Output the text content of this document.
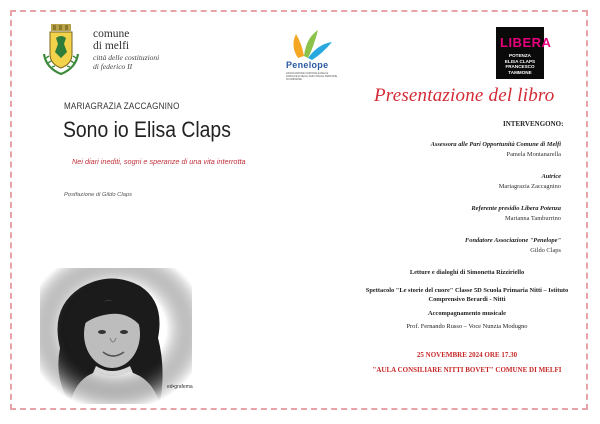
comune
di melfi
città delle costituzioni
di federico II	Penelope
ASSOCIAZIONE NAZIONALE DELLE FAMIGLIE E DEGLI AMICI DELLE PERSONE SCOMPARSE
LIBERA
POTENZA
ELISA CLAPS
FRANCESCO TAMMONE
MARIAGRAZIA ZACCAGNINO
Sono io Elisa Claps
Nei diari inediti, sogni e speranze di una vita interrotta
Postfazione di Gildo Claps
ed•grafema
Presentazione del libro
INTERVENGONO:
Assessora alle Pari Opportunità Comune di Melfi
Pamela Montanarella
Autrice
Mariagrazia Zaccagnino
Referente presidio Libera Potenza
Marianna Tamburrino
Fondatore Associazione "Penelope"
Gildo Claps
Letture e dialoghi di Simonetta Rizziriello
Spettacolo "Le storie del cuore" Classe 5D Scuola Primaria Nitti – Istituto
Comprensivo Berardi - Nitti
Accompagnamento musicale
Prof. Fernando Russo – Voce Nunzia Modugno
25 NOVEMBRE 2024 ORE 17.30
"AULA CONSILIARE NITTI BOVET" COMUNE DI MELFI
